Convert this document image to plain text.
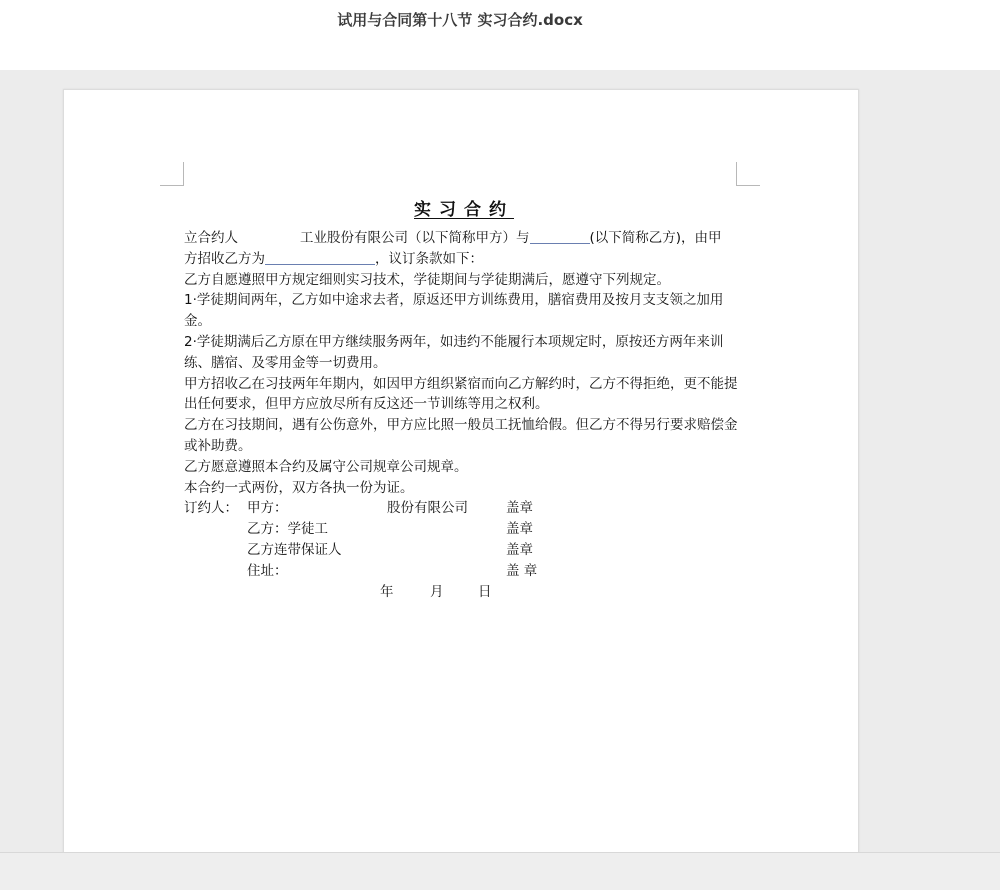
试用与合同第十八节 实习合约.docx
实习合约
立合约人	工业股份有限公司（以下简称甲方）与	(以下简称乙方)，由甲
方招收乙方为	，议订条款如下：
乙方自愿遵照甲方规定细则实习技术，学徒期间与学徒期满后，愿遵守下列规定。
1·学徒期间两年，乙方如中途求去者，原返还甲方训练费用，膳宿费用及按月支支领之加用金。
2·学徒期满后乙方原在甲方继续服务两年，如违约不能履行本项规定时，原按还方两年来训练、膳宿、及零用金等一切费用。
甲方招收乙在习技两年年期内，如因甲方组织紧宿而向乙方解约时，乙方不得拒绝，更不能提出任何要求，但甲方应放尽所有反这还一节训练等用之权利。
乙方在习技期间，遇有公伤意外，甲方应比照一般员工抚恤给假。但乙方不得另行要求赔偿金或补助费。
乙方愿意遵照本合约及属守公司规章公司规章。
本合约一式两份，双方各执一份为证。
订约人： 甲方：	股份有限公司	盖章
乙方：学徒工	盖章
乙方连带保证人	盖章
住址：	盖 章
年	月	日
